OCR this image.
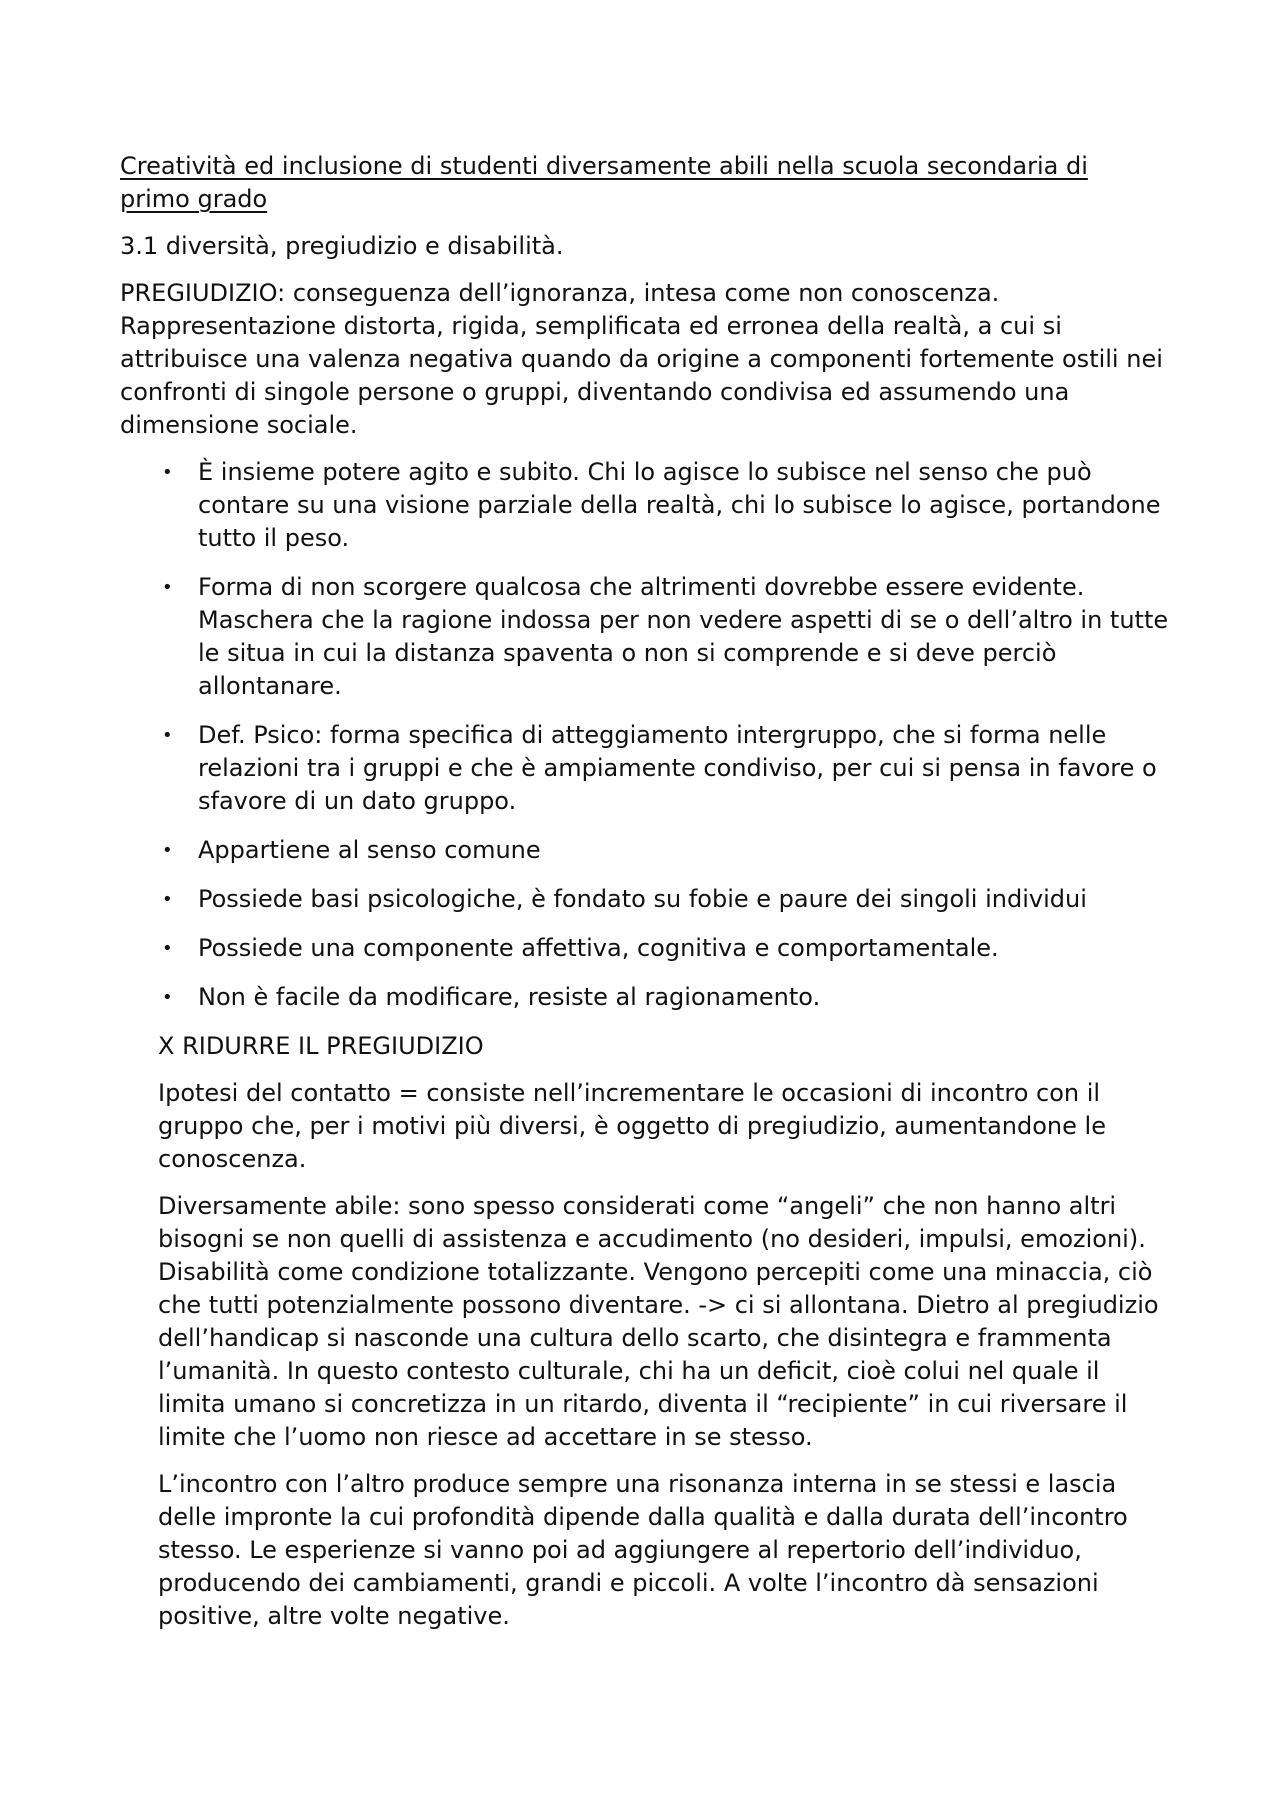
Creatività ed inclusione di studenti diversamente abili nella scuola secondaria di primo grado
3.1 diversità, pregiudizio e disabilità.
PREGIUDIZIO: conseguenza dell’ignoranza, intesa come non conoscenza. Rappresentazione distorta, rigida, semplificata ed erronea della realtà, a cui si attribuisce una valenza negativa quando da origine a componenti fortemente ostili nei confronti di singole persone o gruppi, diventando condivisa ed assumendo una dimensione sociale.
• È insieme potere agito e subito. Chi lo agisce lo subisce nel senso che può contare su una visione parziale della realtà, chi lo subisce lo agisce, portandone tutto il peso.
• Forma di non scorgere qualcosa che altrimenti dovrebbe essere evidente. Maschera che la ragione indossa per non vedere aspetti di se o dell’altro in tutte le situa in cui la distanza spaventa o non si comprende e si deve perciò allontanare.
• Def. Psico: forma specifica di atteggiamento intergruppo, che si forma nelle relazioni tra i gruppi e che è ampiamente condiviso, per cui si pensa in favore o sfavore di un dato gruppo.
• Appartiene al senso comune
• Possiede basi psicologiche, è fondato su fobie e paure dei singoli individui
• Possiede una componente affettiva, cognitiva e comportamentale.
• Non è facile da modificare, resiste al ragionamento.
X RIDURRE IL PREGIUDIZIO
Ipotesi del contatto = consiste nell’incrementare le occasioni di incontro con il gruppo che, per i motivi più diversi, è oggetto di pregiudizio, aumentandone le conoscenza.
Diversamente abile: sono spesso considerati come “angeli” che non hanno altri bisogni se non quelli di assistenza e accudimento (no desideri, impulsi, emozioni). Disabilità come condizione totalizzante. Vengono percepiti come una minaccia, ciò che tutti potenzialmente possono diventare. -> ci si allontana. Dietro al pregiudizio dell’handicap si nasconde una cultura dello scarto, che disintegra e frammenta l’umanità. In questo contesto culturale, chi ha un deficit, cioè colui nel quale il limita umano si concretizza in un ritardo, diventa il “recipiente” in cui riversare il limite che l’uomo non riesce ad accettare in se stesso.
L’incontro con l’altro produce sempre una risonanza interna in se stessi e lascia delle impronte la cui profondità dipende dalla qualità e dalla durata dell’incontro stesso. Le esperienze si vanno poi ad aggiungere al repertorio dell’individuo, producendo dei cambiamenti, grandi e piccoli. A volte l’incontro dà sensazioni positive, altre volte negative.
